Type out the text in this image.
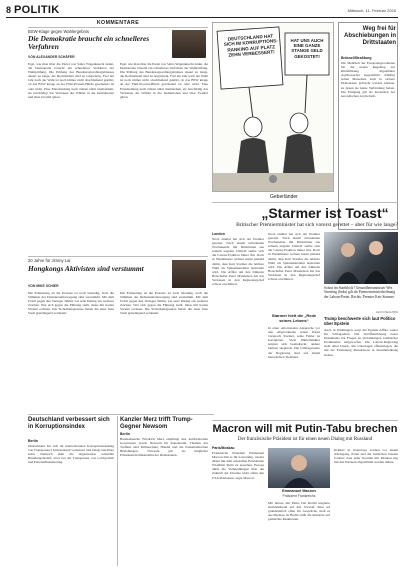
8 POLITIK	Mittwoch, 11. Februar 2026
KOMMENTARE
BSW-Klage gegen Wahlergebnis
Die Demokratie braucht ein schnelleres Verfahren
VON ALEXANDER SCHÄFER
Egal, wie man über die Partei von Sahra Wagenknecht denkt, die Demokratie braucht ein schnelleres Verfahren der Wahlprüfung. Die Prüfung des Bundestagswahlergebnisses dauert zu lange, die Rechtsmittel sind zu langwierig. Fast ein Jahr nach der Wahl ist noch immer nicht abschließend geklärt, ob das BSW knapp an der Fünf-Prozent-Hürde gescheitert ist oder nicht. Eine Entscheidung nach Jahren nützt niemandem, sie beschädigt das Vertrauen der Wähler in die Institutionen und lässt Zweifel gären.
Egal, wie man über die Partei von Sahra Wagenknecht denkt, die Demokratie braucht ein schnelleres Verfahren der Wahlprüfung. Die Prüfung des Bundestagswahlergebnisses dauert zu lange, die Rechtsmittel sind zu langwierig. Fast ein Jahr nach der Wahl ist noch immer nicht abschließend geklärt, ob das BSW knapp an der Fünf-Prozent-Hürde gescheitert ist oder nicht. Eine Entscheidung nach Jahren nützt niemandem, sie beschädigt das Vertrauen der Wähler in die Institutionen und lässt Zweifel gären.
20 Jahre für Jimmy Lai
Hongkongs Aktivisten sind verstummt
VON MIKE SCHIER
Die Erinnerung an die Proteste ist noch lebendig, doch die Stimmen der Demokratiebewegung sind verstummt. Mit dem Urteil gegen den Verleger Jimmy Lai setzt Peking ein weiteres Zeichen. Wer sich gegen die Führung stellt, muss mit harten Strafen rechnen. Die Sicherheitsgesetze haben die einst freie Stadt grundlegend verändert.
Die Erinnerung an die Proteste ist noch lebendig, doch die Stimmen der Demokratiebewegung sind verstummt. Mit dem Urteil gegen den Verleger Jimmy Lai setzt Peking ein weiteres Zeichen. Wer sich gegen die Führung stellt, muss mit harten Strafen rechnen. Die Sicherheitsgesetze haben die einst freie Stadt grundlegend verändert.
DEUTSCHLAND HAT SICH IM KORRUPTIONS-RANKING AUF PLATZ ZEHN VERBESSERT!
HAT UNS AUCH EINE GANZE STANGE GELD GEKOSTET!
Geberländer
Weg frei für Abschiebungen in Drittstaaten
Brüssel/Straßburg
Die Mehrheit der Europaabgeordneten hat der neuen Regelung zur Rückführung abgelehnter Asylbewerber zugestimmt. Künftig sollen Menschen auch in sichere Drittstaaten gebracht werden können, zu denen sie keine Verbindung haben. Die Einigung gilt als Kernstück der europäischen Asylreform.
„Starmer ist Toast“
Britischer Premierminister hat sich vorerst gerettet – aber für wie lange?
London
Noch einmal hat sich der Premier gerettet. Nach einem turbulenten Wochenende mit Rücktritten aus seinem engsten Umfeld stellte sich die Labour-Fraktion hinter ihn. Doch in Westminster rechnet kaum jemand damit, dass Keir Starmer die nächste Wahl als Spitzenkandidat bestreiten wird. Die Affäre um den früheren Botschafter Peter Mandelson hat das Vertrauen in den Regierungschef schwer erschüttert.
Noch einmal hat sich der Premier gerettet. Nach einem turbulenten Wochenende mit Rücktritten aus seinem engsten Umfeld stellte sich die Labour-Fraktion hinter ihn. Doch in Westminster rechnet kaum jemand damit, dass Keir Starmer die nächste Wahl als Spitzenkandidat bestreiten wird. Die Affäre um den früheren Botschafter Peter Mandelson hat das Vertrauen in den Regierungschef schwer erschüttert.
Starmer hielt die „Rede seines Lebens“
In einer emotionalen Ansprache vor den Abgeordneten seiner Partei versprach Starmer, seine Fehler zu korrigieren. Viele Hinterbänkler zeigten sich beeindruckt, andere bleiben skeptisch. Die Umfragewerte der Regierung sind auf einem historischen Tiefstand.
Schon im Startblock? Gesundheitsminister Wes Streeting (links) gilt als Premierministerhoffnung der Labour-Partei. Rechts: Premier Keir Starmer.
LEON NEAL/DPA
Trump beschwerte sich laut Politico über Epstein
Auch in Washington sorgt die Epstein-Affäre weiter für Schlagzeilen. Die Veröffentlichung neuer Dokumente hat Fragen zu Verbindungen zahlreicher Prominenter aufgeworfen. Die Labour-Regierung steht unter Druck, alle Unterlagen offenzulegen, die mit der Ernennung Mandelsons in Zusammenhang stehen.
Deutschland verbessert sich in Korruptionsindex
Berlin
Deutschland hat sich im internationalen Korruptionsranking von Transparency International verbessert und belegt nun Platz zehn. Dennoch sieht die Organisation weiterhin Handlungsbedarf, etwa bei der Transparenz von Lobbyarbeit und Parteienfinanzierung.
Kanzler Merz trifft Trump-Gegner Newsom
Berlin
Bundeskanzler Friedrich Merz empfängt den kalifornischen Gouverneur Gavin Newsom im Kanzleramt. Themen des Treffens sind Klimaschutz, Handel und die transatlantischen Beziehungen. Newsom gilt als möglicher Präsidentschaftskandidat der Demokraten.
Macron will mit Putin-Tabu brechen
Der französische Präsident ist für einen neuen Dialog mit Russland
Paris/Moskau
Frankreichs Präsident Emmanuel Macron hält es für notwendig, wieder direkt mit dem russischen Präsidenten Wladimir Putin zu sprechen. Europa dürfe die Verhandlungen über die Zukunft der Ukraine nicht allein den USA überlassen, sagte Macron.
Emmanuel Macron
Präsident Frankreichs
Mit Jahren, mit Putin, Der Kreml reagierte zurückhaltend auf den Vorstoß. Man sei grundsätzlich offen für Gespräche, hieß es aus Moskau. In Berlin stößt die Initiative auf gemischte Reaktionen.
Kritiker in Osteuropa warnen vor einem Alleingang. Polen und die baltischen Staaten fordern, dass jeder Kontakt mit Moskau eng mit den Partnern abgestimmt werden müsse.
